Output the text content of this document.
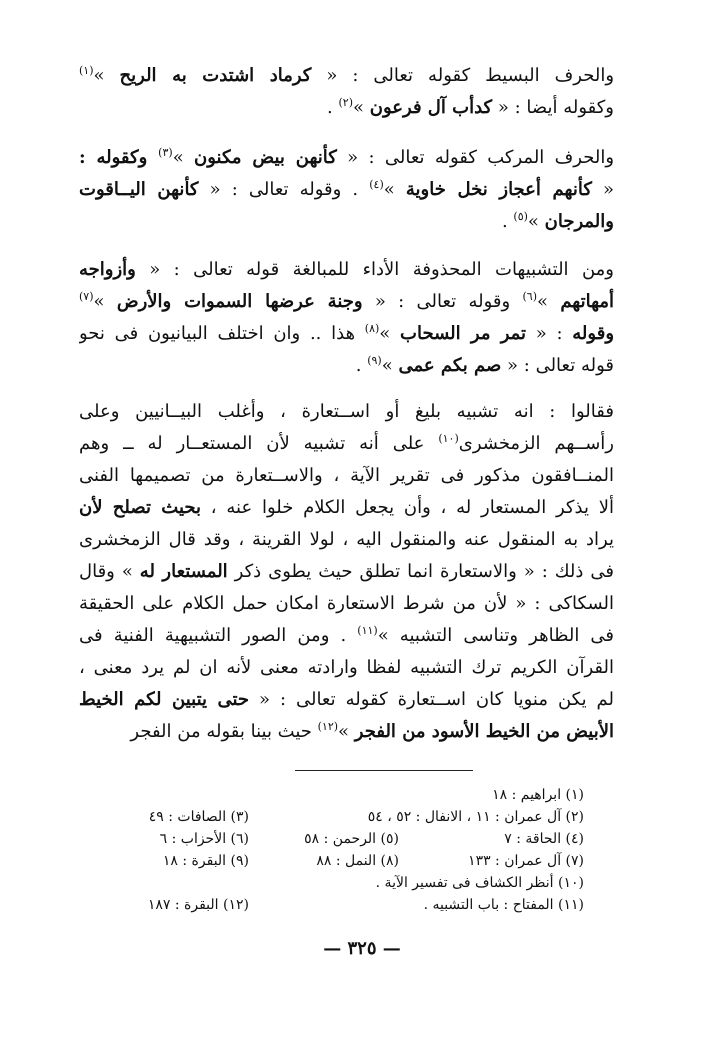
والحرف البسيط كقوله تعالى : « كرماد اشتدت به الريح »$^{(١)}$
وكقوله أيضا : « كدأب آل فرعون »$^{(٢)}$ .
والحرف المركب كقوله تعالى : « كأنهن بيض مكنون »$^{(٣)}$ وكقوله :
« كأنهم أعجاز نخل خاوية »$^{(٤)}$ . وقوله تعالى : « كأنهن اليــاقوت
والمرجان »$^{(٥)}$ .
ومن التشبيهات المحذوفة الأداء للمبالغة قوله تعالى : « وأزواجه
أمهاتهم »$^{(٦)}$ وقوله تعالى : « وجنة عرضها السموات والأرض »$^{(٧)}$
وقوله : « تمر مر السحاب »$^{(٨)}$ هذا .. وان اختلف البيانيون فى نحو
قوله تعالى : « صم بكم عمى »$^{(٩)}$ .
فقالوا : انه تشبيه بليغ أو اســتعارة ، وأغلب البيــانيين وعلى
رأســهم الزمخشرى$^{(١٠)}$ على أنه تشبيه لأن المستعــار له ــ وهم
المنــافقون مذكور فى تقرير الآية ، والاســتعارة من تصميمها الفنى
ألا يذكر المستعار له ، وأن يجعل الكلام خلوا عنه ، بحيث تصلح لأن
يراد به المنقول عنه والمنقول اليه ، لولا القرينة ، وقد قال الزمخشرى
فى ذلك : « والاستعارة انما تطلق حيث يطوى ذكر المستعار له » وقال
السكاكى : « لأن من شرط الاستعارة امكان حمل الكلام على الحقيقة
فى الظاهر وتناسى التشبيه »$^{(١١)}$ . ومن الصور التشبيهية الفنية فى
القرآن الكريم ترك التشبيه لفظا وارادته معنى لأنه ان لم يرد معنى ،
لم يكن منويا كان اســتعارة كقوله تعالى : « حتى يتبين لكم الخيط
الأبيض من الخيط الأسود من الفجر »$^{(١٢)}$ حيث بينا بقوله من الفجر
(١) ابراهيم : ١٨
(٢) آل عمران : ١١ ، الانفال : ٥٢ ، ٥٤
(٣) الصافات : ٤٩
(٤) الحاقة : ٧
(٥) الرحمن : ٥٨
(٦) الأحزاب : ٦
(٧) آل عمران : ١٣٣
(٨) النمل : ٨٨
(٩) البقرة : ١٨
(١٠) أنظر الكشاف فى تفسير الآية .
(١١) المفتاح : باب التشبيه .
(١٢) البقرة : ١٨٧
— ٣٢٥ —
